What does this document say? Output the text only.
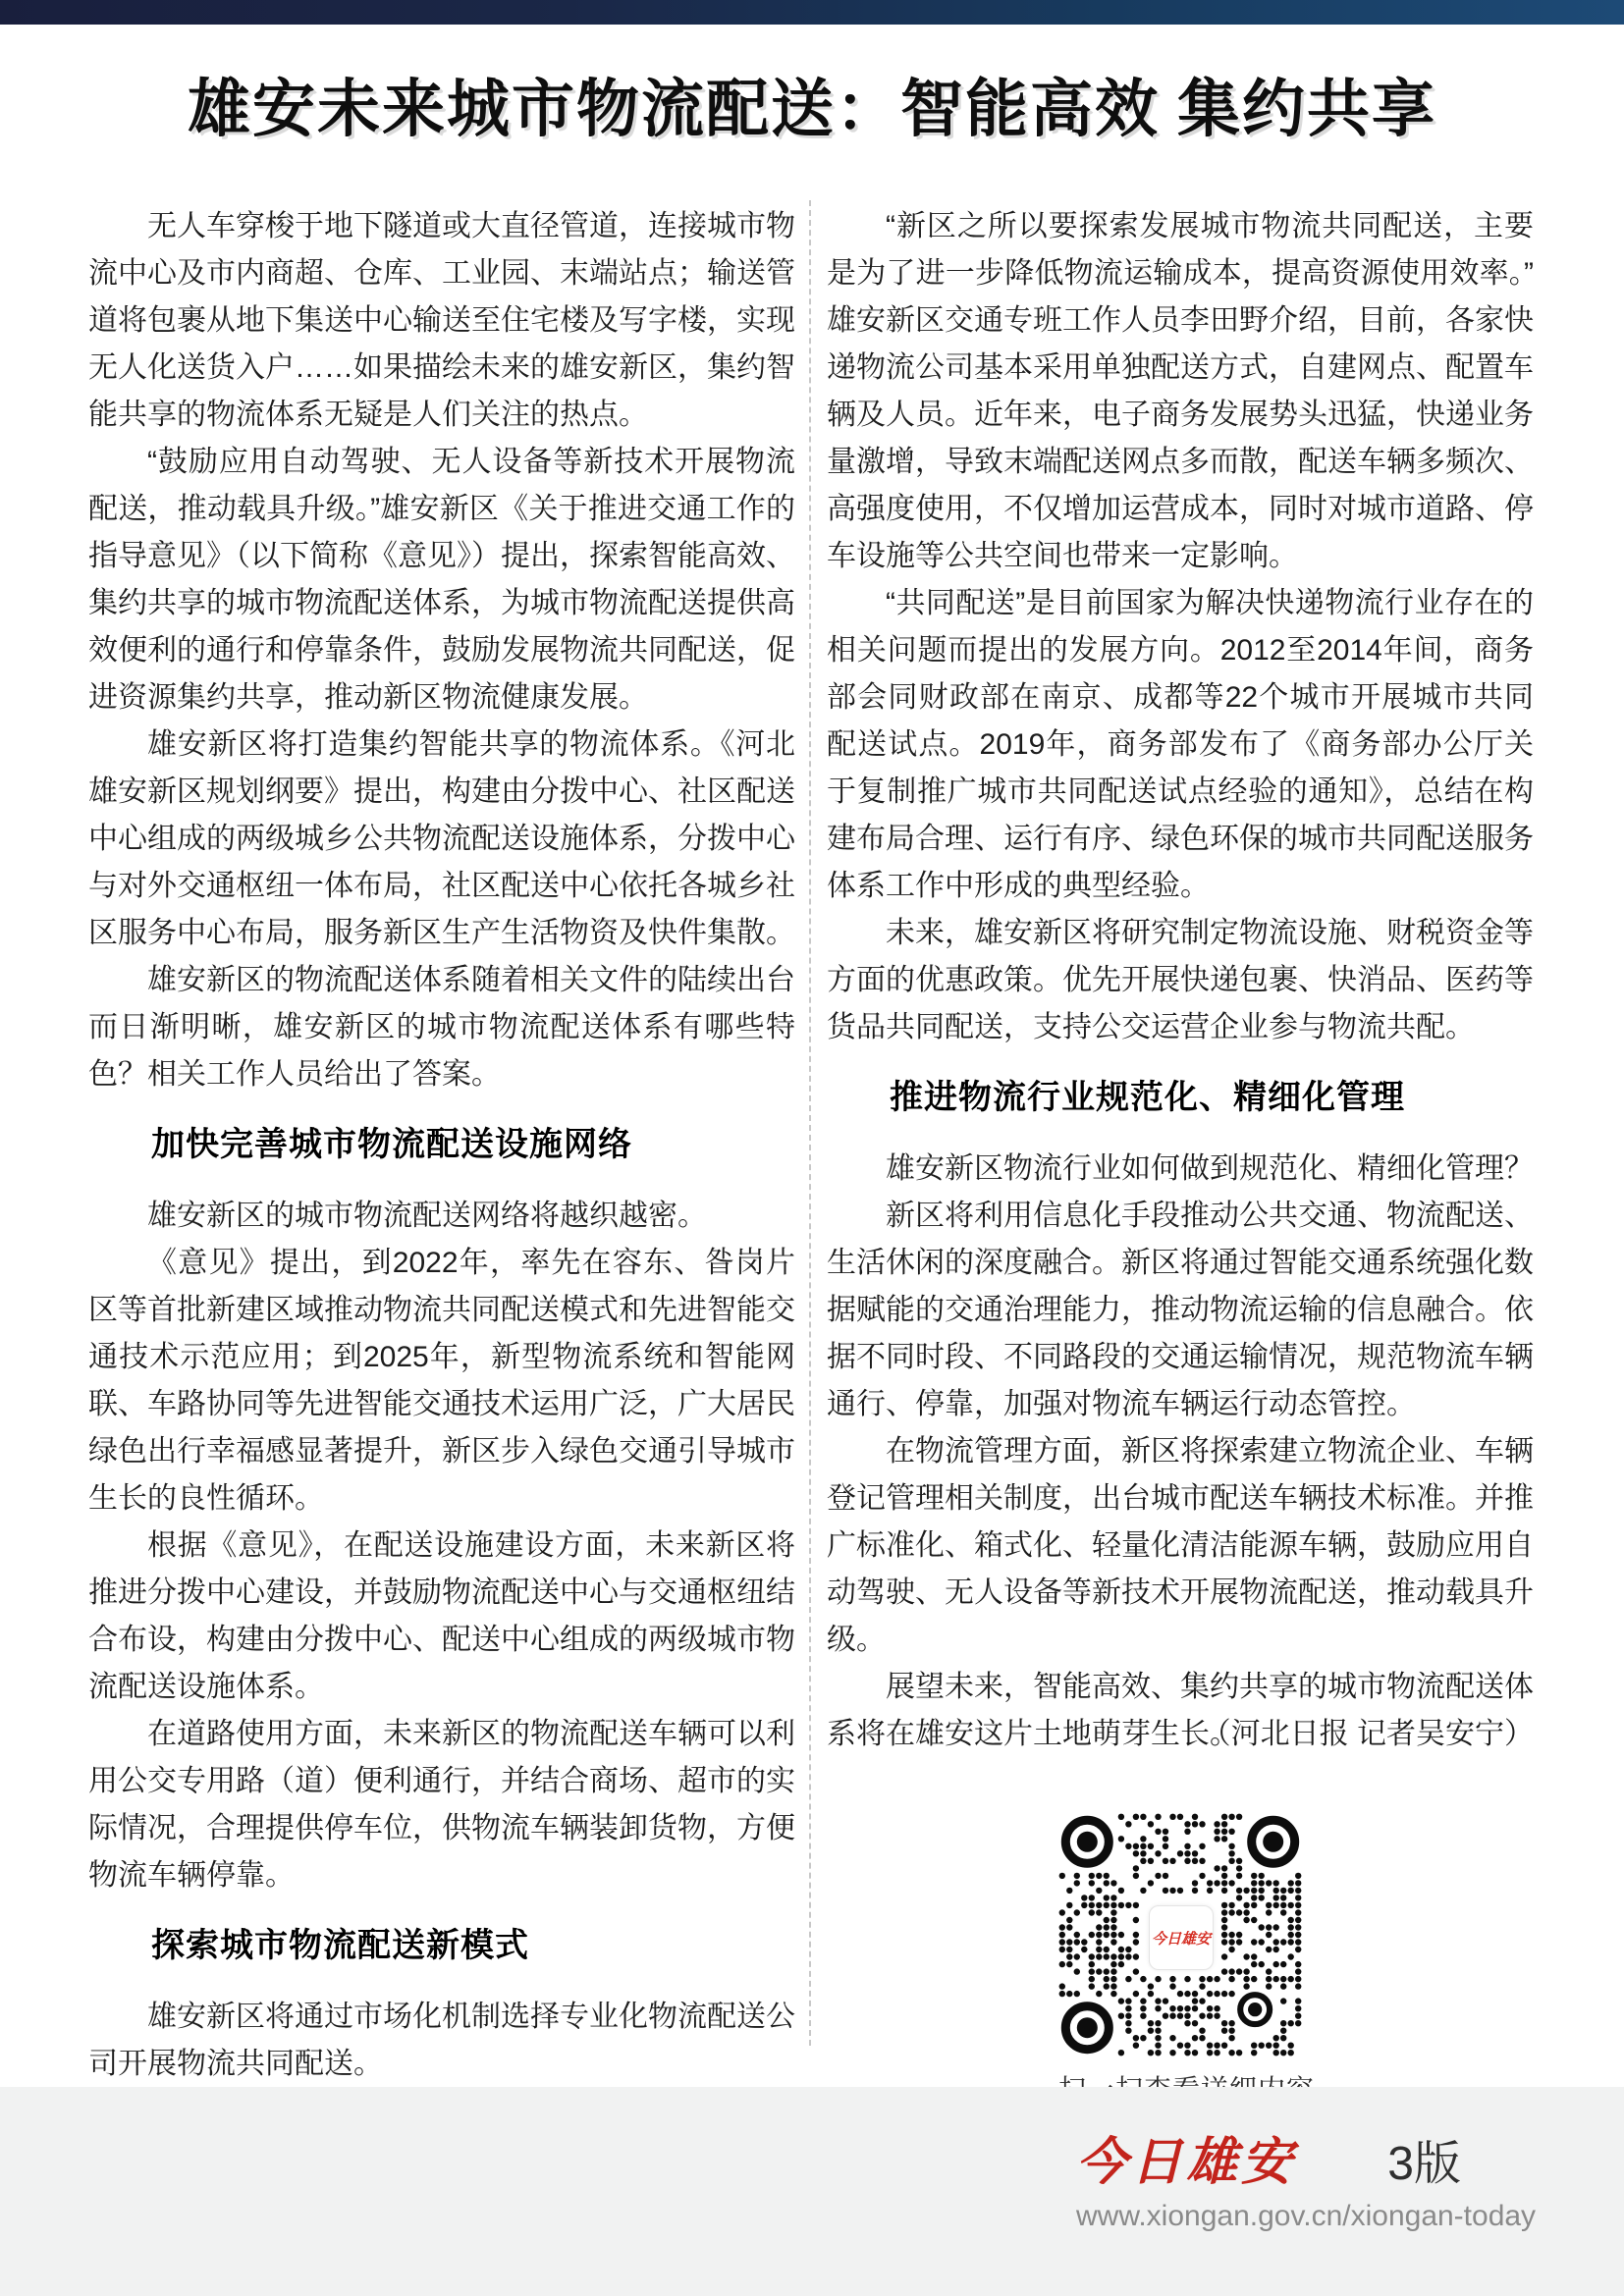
雄安未来城市物流配送：智能高效 集约共享

无人车穿梭于地下隧道或大直径管道，连接城市物流中心及市内商超、仓库、工业园、末端站点；输送管道将包裹从地下集送中心输送至住宅楼及写字楼，实现无人化送货入户……如果描绘未来的雄安新区，集约智能共享的物流体系无疑是人们关注的热点。

“鼓励应用自动驾驶、无人设备等新技术开展物流配送，推动载具升级。”雄安新区《关于推进交通工作的指导意见》（以下简称《意见》）提出，探索智能高效、集约共享的城市物流配送体系，为城市物流配送提供高效便利的通行和停靠条件，鼓励发展物流共同配送，促进资源集约共享，推动新区物流健康发展。

雄安新区将打造集约智能共享的物流体系。《河北雄安新区规划纲要》提出，构建由分拨中心、社区配送中心组成的两级城乡公共物流配送设施体系，分拨中心与对外交通枢纽一体布局，社区配送中心依托各城乡社区服务中心布局，服务新区生产生活物资及快件集散。

雄安新区的物流配送体系随着相关文件的陆续出台而日渐明晰，雄安新区的城市物流配送体系有哪些特色？相关工作人员给出了答案。

加快完善城市物流配送设施网络

雄安新区的城市物流配送网络将越织越密。

《意见》提出，到2022年，率先在容东、昝岗片区等首批新建区域推动物流共同配送模式和先进智能交通技术示范应用；到2025年，新型物流系统和智能网联、车路协同等先进智能交通技术运用广泛，广大居民绿色出行幸福感显著提升，新区步入绿色交通引导城市生长的良性循环。

根据《意见》，在配送设施建设方面，未来新区将推进分拨中心建设，并鼓励物流配送中心与交通枢纽结合布设，构建由分拨中心、配送中心组成的两级城市物流配送设施体系。

在道路使用方面，未来新区的物流配送车辆可以利用公交专用路（道）便利通行，并结合商场、超市的实际情况，合理提供停车位，供物流车辆装卸货物，方便物流车辆停靠。

探索城市物流配送新模式

雄安新区将通过市场化机制选择专业化物流配送公司开展物流共同配送。

“新区之所以要探索发展城市物流共同配送，主要是为了进一步降低物流运输成本，提高资源使用效率。”雄安新区交通专班工作人员李田野介绍，目前，各家快递物流公司基本采用单独配送方式，自建网点、配置车辆及人员。近年来，电子商务发展势头迅猛，快递业务量激增，导致末端配送网点多而散，配送车辆多频次、高强度使用，不仅增加运营成本，同时对城市道路、停车设施等公共空间也带来一定影响。

“共同配送”是目前国家为解决快递物流行业存在的相关问题而提出的发展方向。2012至2014年间，商务部会同财政部在南京、成都等22个城市开展城市共同配送试点。2019年，商务部发布了《商务部办公厅关于复制推广城市共同配送试点经验的通知》，总结在构建布局合理、运行有序、绿色环保的城市共同配送服务体系工作中形成的典型经验。

未来，雄安新区将研究制定物流设施、财税资金等方面的优惠政策。优先开展快递包裹、快消品、医药等货品共同配送，支持公交运营企业参与物流共配。

推进物流行业规范化、精细化管理

雄安新区物流行业如何做到规范化、精细化管理？

新区将利用信息化手段推动公共交通、物流配送、生活休闲的深度融合。新区将通过智能交通系统强化数据赋能的交通治理能力，推动物流运输的信息融合。依据不同时段、不同路段的交通运输情况，规范物流车辆通行、停靠，加强对物流车辆运行动态管控。

在物流管理方面，新区将探索建立物流企业、车辆登记管理相关制度，出台城市配送车辆技术标准。并推广标准化、箱式化、轻量化清洁能源车辆，鼓励应用自动驾驶、无人设备等新技术开展物流配送，推动载具升级。

展望未来，智能高效、集约共享的城市物流配送体系将在雄安这片土地萌芽生长。
（河北日报 记者吴安宁）

今日雄安
今日雄安 3版
www.xiongan.gov.cn/xiongan-today
